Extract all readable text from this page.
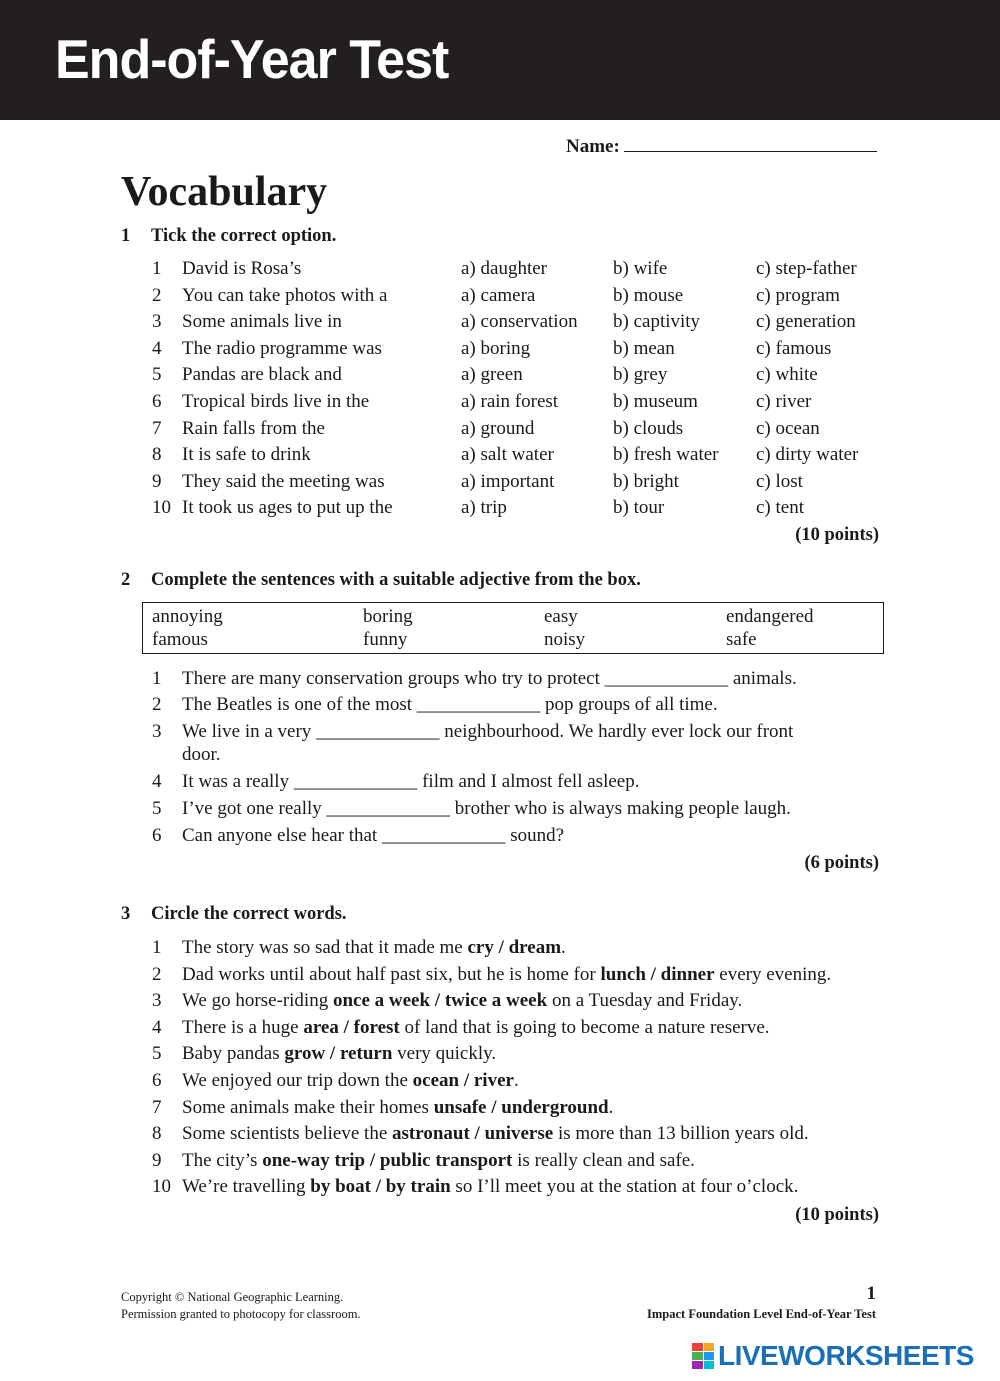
End-of-Year Test
Name:
Vocabulary
1 Tick the correct option.
1	David is Rosa’s	a) daughter	b) wife	c) step-father
2	You can take photos with a	a) camera	b) mouse	c) program
3	Some animals live in	a) conservation b) captivity	c) generation
4	The radio programme was	a) boring	b) mean	c) famous
5	Pandas are black and	a) green	b) grey	c) white
6	Tropical birds live in the	a) rain forest	b) museum	c) river
7	Rain falls from the	a) ground	b) clouds	c) ocean
8	It is safe to drink	a) salt water	b) fresh water c) dirty water
9	They said the meeting was	a) important	b) bright	c) lost
10 It took us ages to put up the	a) trip	b) tour	c) tent
(10 points)
2 Complete the sentences with a suitable adjective from the box.
annoying	boring	easy	endangered
famous	funny	noisy	safe
1	There are many conservation groups who try to protect _____________ animals.
2	The Beatles is one of the most _____________ pop groups of all time.
3	We live in a very _____________ neighbourhood. We hardly ever lock our front
door.
4	It was a really _____________ film and I almost fell asleep.
5	I’ve got one really _____________ brother who is always making people laugh.
6	Can anyone else hear that _____________ sound?
(6 points)
3 Circle the correct words.
1	The story was so sad that it made me cry / dream.
2	Dad works until about half past six, but he is home for lunch / dinner every evening.
3	We go horse-riding once a week / twice a week on a Tuesday and Friday.
4	There is a huge area / forest of land that is going to become a nature reserve.
5	Baby pandas grow / return very quickly.
6	We enjoyed our trip down the ocean / river.
7	Some animals make their homes unsafe / underground.
8	Some scientists believe the astronaut / universe is more than 13 billion years old.
9	The city’s one-way trip / public transport is really clean and safe.
10 We’re travelling by boat / by train so I’ll meet you at the station at four o’clock.
(10 points)
Copyright © National Geographic Learning.
Permission granted to photocopy for classroom.
1
Impact Foundation Level End-of-Year Test
LIVEWORKSHEETS
